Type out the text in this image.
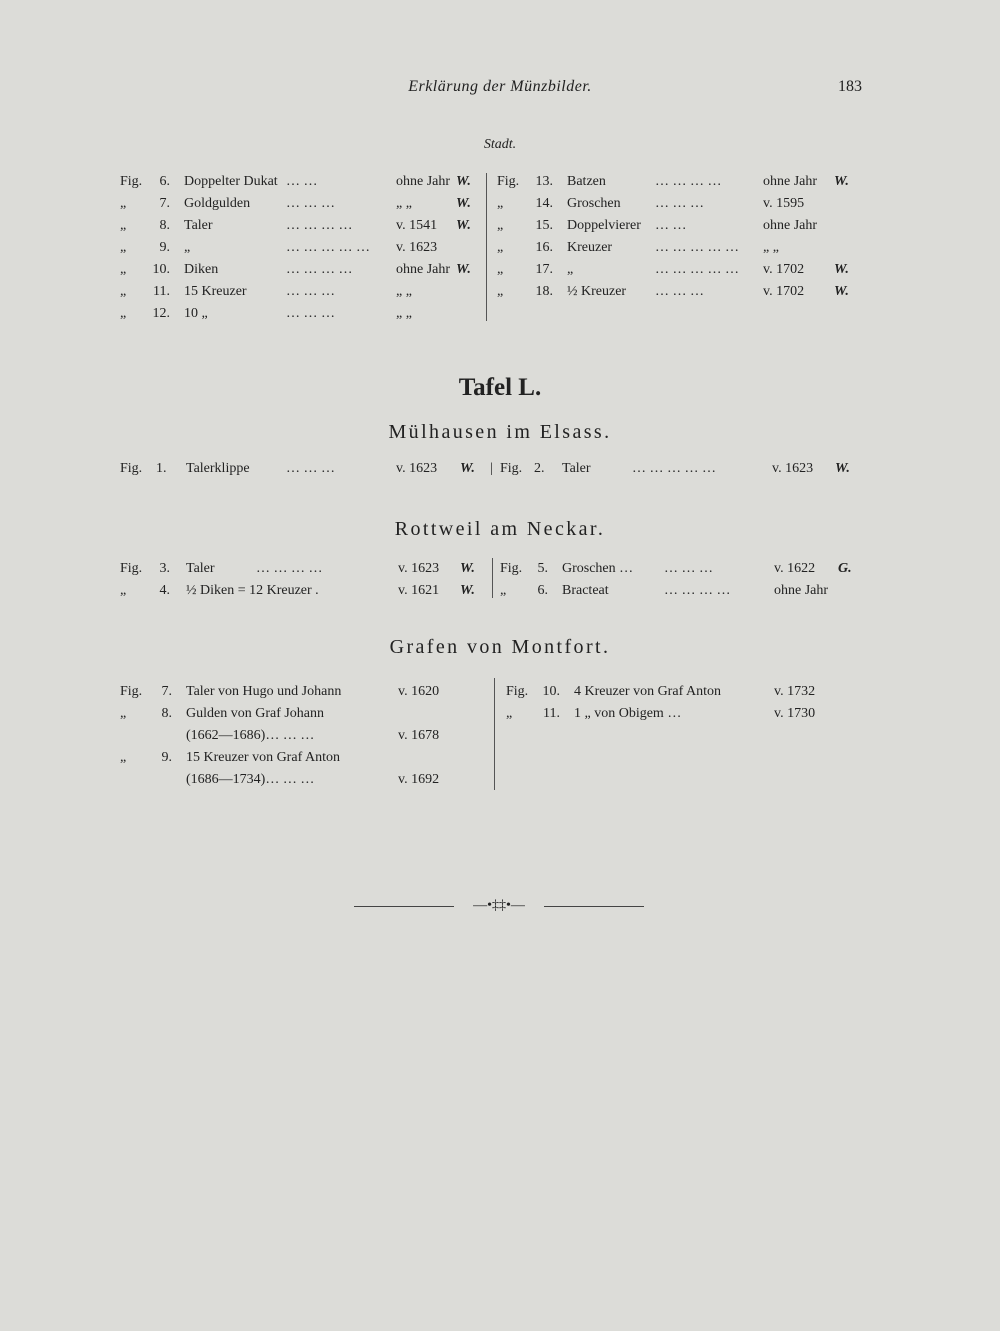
Erklärung der Münzbilder.	183
Stadt.
Fig.	6. Doppelter Dukat … …	ohne Jahr W.
„	7. Goldgulden	… … …	„ „	W.
„	8. Taler	… … … …	v. 1541 W.
„	9. „	… … … … … v. 1623
„	10. Diken	… … … …	ohne Jahr W.
„	11. 15 Kreuzer	… … …	„ „
„	12. 10 „	… … …	„ „
Fig.	13. Batzen	… … … …	ohne Jahr W.
„	14. Groschen … … …	v. 1595
„	15. Doppelvierer … …	ohne Jahr
„	16. Kreuzer	… … … … … „ „
„	17. „	… … … … … v. 1702 W.
„	18. ½ Kreuzer … … …	v. 1702 W.
Tafel L.
Mülhausen im Elsass.
Fig. 1. Talerklippe	… … …	v. 1623 W. | Fig. 2. Taler	… … … … …	v. 1623 W.
Rottweil am Neckar.
Fig.	3. Taler	… … … …	v. 1623 W.
„	4. ½ Diken = 12 Kreuzer .	v. 1621 W.
Fig.	5. Groschen … … … …	v. 1622 G.
„	6. Bracteat	… … … …	ohne Jahr
Grafen von Montfort.
Fig.	7. Taler von Hugo und Johann	v. 1620
„	8. Gulden von Graf Johann
(1662—1686)… … …	v. 1678
„	9. 15 Kreuzer von Graf Anton
(1686—1734)… … …	v. 1692
Fig.	10. 4 Kreuzer von Graf Anton	v. 1732
„	11. 1 „ von Obigem …	v. 1730
—•‡‡•—
